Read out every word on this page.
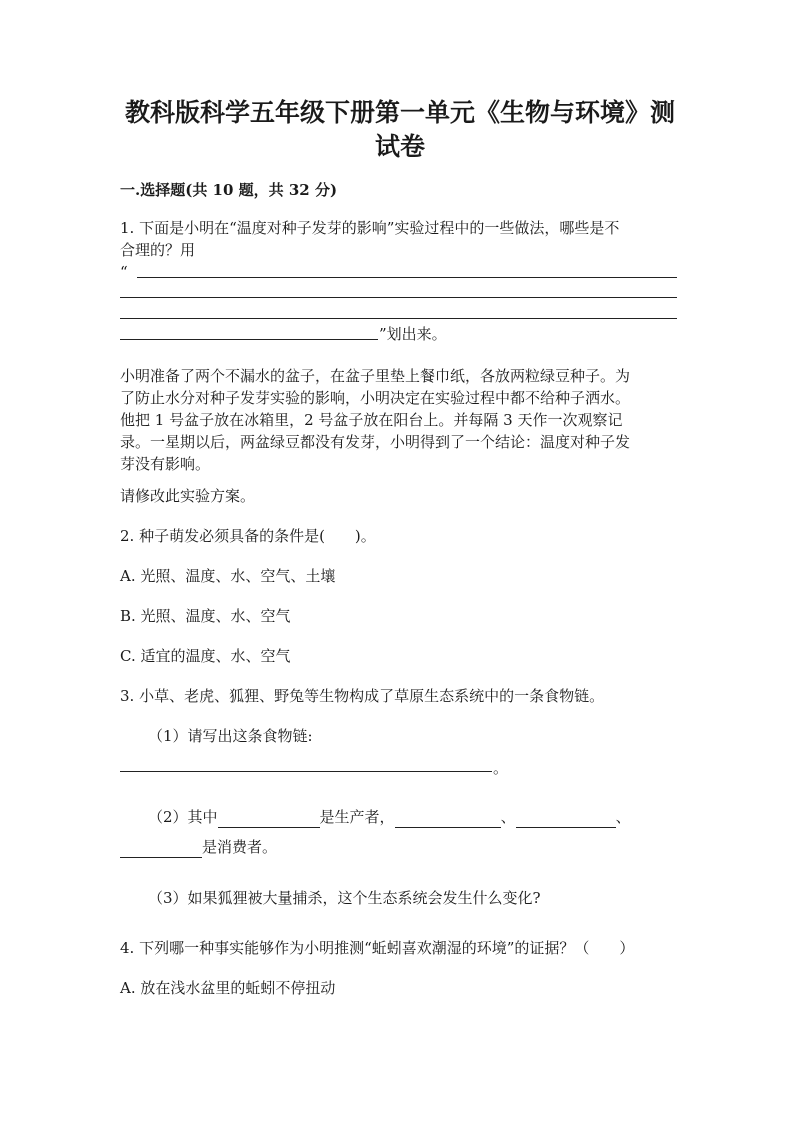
教科版科学五年级下册第一单元《生物与环境》测
试卷
一.选择题(共 10 题，共 32 分)
1. 下面是小明在“温度对种子发芽的影响”实验过程中的一些做法，哪些是不
合理的？用
“
”划出来。
小明准备了两个不漏水的盆子，在盆子里垫上餐巾纸，各放两粒绿豆种子。为
了防止水分对种子发芽实验的影响，小明决定在实验过程中都不给种子洒水。
他把 1 号盆子放在冰箱里，2 号盆子放在阳台上。并每隔 3 天作一次观察记
录。一星期以后，两盆绿豆都没有发芽，小明得到了一个结论：温度对种子发
芽没有影响。
请修改此实验方案。
2. 种子萌发必须具备的条件是(　　)。
A. 光照、温度、水、空气、土壤
B. 光照、温度、水、空气
C. 适宜的温度、水、空气
3. 小草、老虎、狐狸、野兔等生物构成了草原生态系统中的一条食物链。
（1）请写出这条食物链:
。
（2）其中	是生产者，	、	、
是消费者。
（3）如果狐狸被大量捕杀，这个生态系统会发生什么变化?
4. 下列哪一种事实能够作为小明推测“蚯蚓喜欢潮湿的环境”的证据？（　　）
A. 放在浅水盆里的蚯蚓不停扭动
